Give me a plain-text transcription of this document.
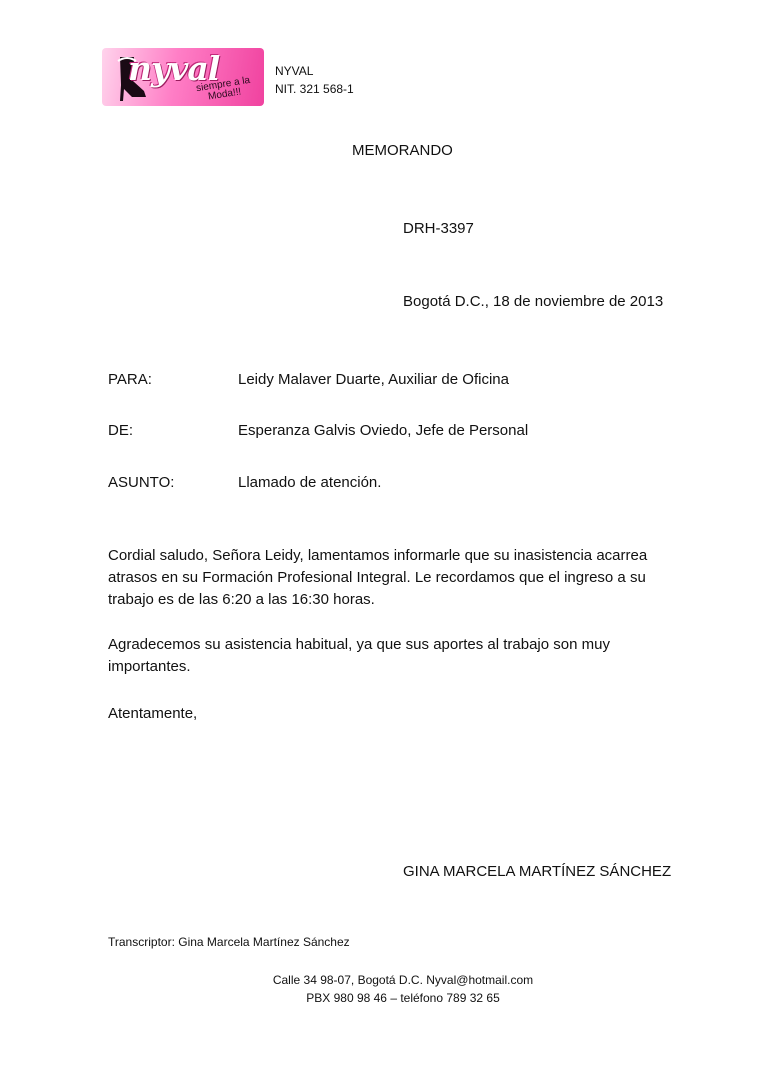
nyval
siempre a la Moda!!!
NYVAL
NIT. 321 568-1
MEMORANDO
DRH-3397
Bogotá D.C., 18 de noviembre de 2013
PARA:	Leidy Malaver Duarte, Auxiliar de Oficina
DE:	Esperanza Galvis Oviedo, Jefe de Personal
ASUNTO:	Llamado de atención.
Cordial saludo, Señora Leidy, lamentamos informarle que su inasistencia acarrea
atrasos en su Formación Profesional Integral. Le recordamos que el ingreso a su
trabajo es de las 6:20 a las 16:30 horas.
Agradecemos su asistencia habitual, ya que sus aportes al trabajo son muy
importantes.
Atentamente,
GINA MARCELA MARTÍNEZ SÁNCHEZ
Transcriptor: Gina Marcela Martínez Sánchez
Calle 34 98-07, Bogotá D.C. Nyval@hotmail.com
PBX 980 98 46 – teléfono 789 32 65
